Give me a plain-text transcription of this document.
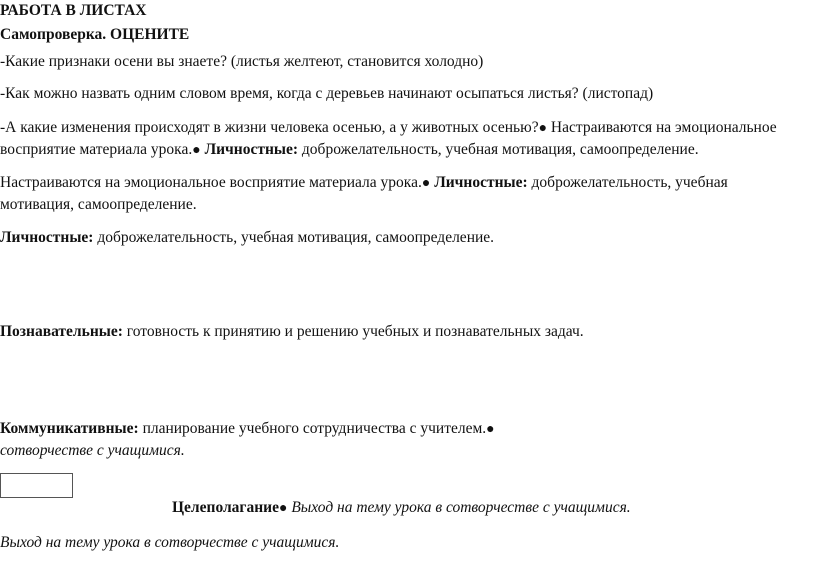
РАБОТА В ЛИСТАХ
Самопроверка. ОЦЕНИТЕ
-Какие признаки осени вы знаете? (листья желтеют, становится холодно)
-Как можно назвать одним словом время, когда с деревьев начинают осыпаться листья? (листопад)
-А какие изменения происходят в жизни человека осенью, а у животных осенью?● Настраиваются на эмоциональное
восприятие материала урока.● Личностные: доброжелательность, учебная мотивация, самоопределение.
Настраиваются на эмоциональное восприятие материала урока.● Личностные: доброжелательность, учебная
мотивация, самоопределение.
Личностные: доброжелательность, учебная мотивация, самоопределение.
Познавательные: готовность к принятию и решению учебных и познавательных задач.
Коммуникативные: планирование учебного сотрудничества с учителем.●
сотворчестве с учащимися.
Целеполагание● Выход на тему урока в сотворчестве с учащимися.
Выход на тему урока в сотворчестве с учащимися.
